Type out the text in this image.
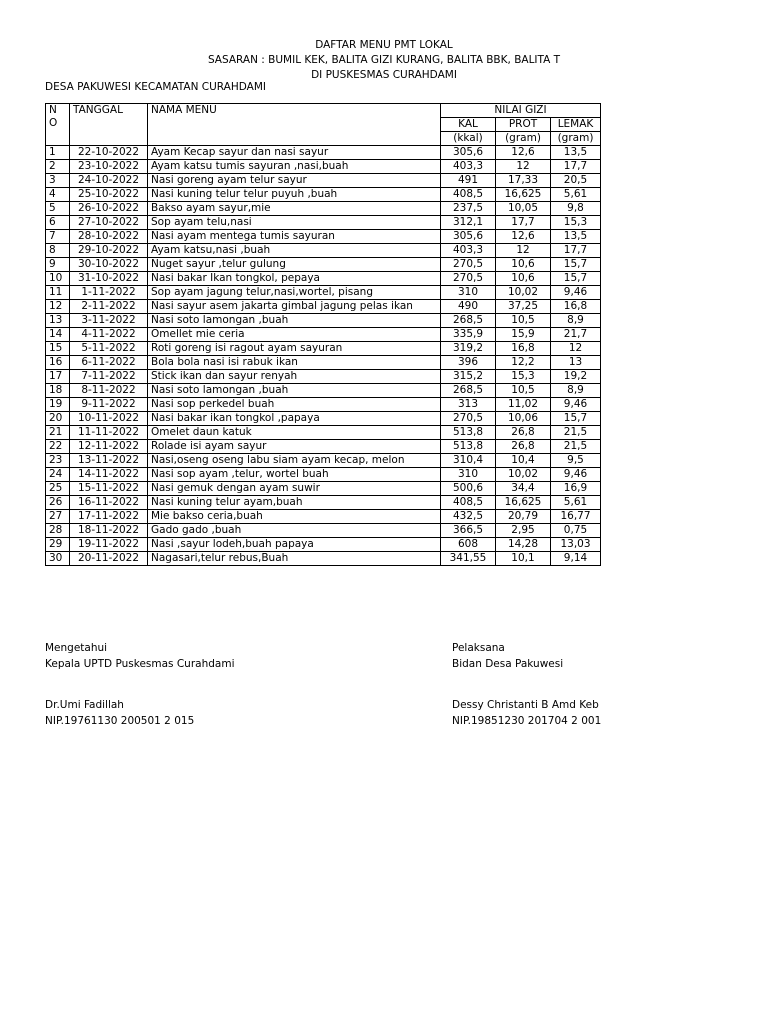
DAFTAR MENU PMT LOKAL
SASARAN : BUMIL KEK, BALITA GIZI KURANG, BALITA BBK, BALITA T
DI PUSKESMAS CURAHDAMI
DESA PAKUWESI KECAMATAN CURAHDAMI
N
O	TANGGAL	NAMA MENU	NILAI GIZI		
			KAL	PROT	LEMAK
			(kkal)	(gram)	(gram)
1	22-10-2022	Ayam Kecap sayur dan nasi sayur	305,6	12,6	13,5
2	23-10-2022	Ayam katsu tumis sayuran ,nasi,buah	403,3	12	17,7
3	24-10-2022	Nasi goreng ayam telur sayur	491	17,33	20,5
4	25-10-2022	Nasi kuning telur telur puyuh ,buah	408,5	16,625	5,61
5	26-10-2022	Bakso ayam sayur,mie	237,5	10,05	9,8
6	27-10-2022	Sop ayam telu,nasi	312,1	17,7	15,3
7	28-10-2022	Nasi ayam mentega tumis sayuran	305,6	12,6	13,5
8	29-10-2022	Ayam katsu,nasi ,buah	403,3	12	17,7
9	30-10-2022	Nuget sayur ,telur gulung	270,5	10,6	15,7
10	31-10-2022	Nasi bakar Ikan tongkol, pepaya	270,5	10,6	15,7
11	1-11-2022	Sop ayam jagung telur,nasi,wortel, pisang	310	10,02	9,46
12	2-11-2022	Nasi sayur asem jakarta gimbal jagung pelas ikan	490	37,25	16,8
13	3-11-2022	Nasi soto lamongan ,buah	268,5	10,5	8,9
14	4-11-2022	Omellet mie ceria	335,9	15,9	21,7
15	5-11-2022	Roti goreng isi ragout ayam sayuran	319,2	16,8	12
16	6-11-2022	Bola bola nasi isi rabuk ikan	396	12,2	13
17	7-11-2022	Stick ikan dan sayur renyah	315,2	15,3	19,2
18	8-11-2022	Nasi soto lamongan ,buah	268,5	10,5	8,9
19	9-11-2022	Nasi sop perkedel buah	313	11,02	9,46
20	10-11-2022	Nasi bakar ikan tongkol ,papaya	270,5	10,06	15,7
21	11-11-2022	Omelet daun katuk	513,8	26,8	21,5
22	12-11-2022	Rolade isi ayam sayur	513,8	26,8	21,5
23	13-11-2022	Nasi,oseng oseng labu siam ayam kecap, melon	310,4	10,4	9,5
24	14-11-2022	Nasi sop ayam ,telur, wortel buah	310	10,02	9,46
25	15-11-2022	Nasi gemuk dengan ayam suwir	500,6	34,4	16,9
26	16-11-2022	Nasi kuning telur ayam,buah	408,5	16,625	5,61
27	17-11-2022	Mie bakso ceria,buah	432,5	20,79	16,77
28	18-11-2022	Gado gado ,buah	366,5	2,95	0,75
29	19-11-2022	Nasi ,sayur lodeh,buah papaya	608	14,28	13,03
30	20-11-2022	Nagasari,telur rebus,Buah	341,55	10,1	9,14
Mengetahui
Kepala UPTD Puskesmas Curahdami
Dr.Umi Fadillah
NIP.19761130 200501 2 015
Pelaksana
Bidan Desa Pakuwesi
Dessy Christanti B Amd Keb
NIP.19851230 201704 2 001
